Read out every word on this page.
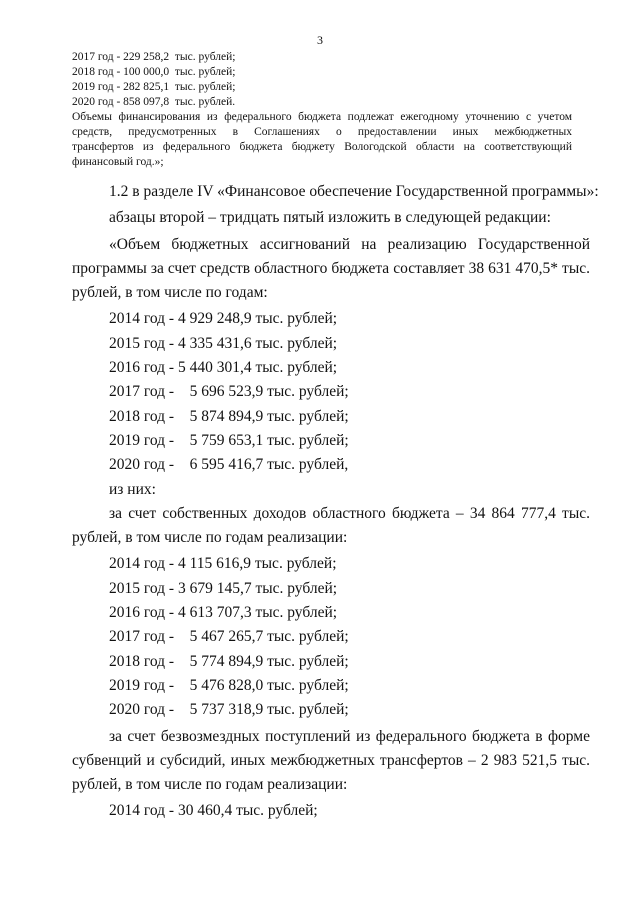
3
2017 год - 229 258,2  тыс. рублей;
2018 год - 100 000,0  тыс. рублей;
2019 год - 282 825,1  тыс. рублей;
2020 год - 858 097,8  тыс. рублей.
Объемы финансирования из федерального бюджета подлежат ежегодному уточнению с учетом
средств, предусмотренных в Соглашениях о предоставлении иных межбюджетных
трансфертов из федерального бюджета бюджету Вологодской области на соответствующий
финансовый год.»;
1.2 в разделе IV «Финансовое обеспечение Государственной программы»:
абзацы второй – тридцать пятый изложить в следующей редакции:
«Объем бюджетных ассигнований на реализацию Государственной
программы за счет средств областного бюджета составляет 38 631 470,5* тыс.
рублей, в том числе по годам:
2014 год - 4 929 248,9 тыс. рублей;
2015 год - 4 335 431,6 тыс. рублей;
2016 год - 5 440 301,4 тыс. рублей;
2017 год -    5 696 523,9 тыс. рублей;
2018 год -    5 874 894,9 тыс. рублей;
2019 год -    5 759 653,1 тыс. рублей;
2020 год -    6 595 416,7 тыс. рублей,
из них:
за счет собственных доходов областного бюджета – 34 864 777,4 тыс.
рублей, в том числе по годам реализации:
2014 год - 4 115 616,9 тыс. рублей;
2015 год - 3 679 145,7 тыс. рублей;
2016 год - 4 613 707,3 тыс. рублей;
2017 год -    5 467 265,7 тыс. рублей;
2018 год -    5 774 894,9 тыс. рублей;
2019 год -    5 476 828,0 тыс. рублей;
2020 год -    5 737 318,9 тыс. рублей;
за счет безвозмездных поступлений из федерального бюджета в форме
субвенций и субсидий, иных межбюджетных трансфертов – 2 983 521,5 тыс.
рублей, в том числе по годам реализации:
2014 год - 30 460,4 тыс. рублей;
